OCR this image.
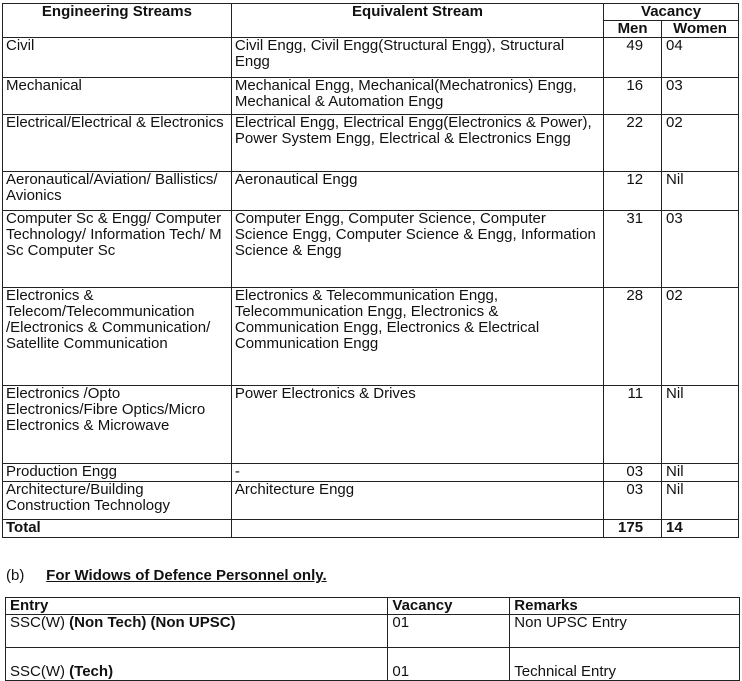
Engineering Streams	Equivalent Stream	Vacancy	
		Men	Women
Civil	Civil Engg, Civil Engg(Structural Engg), Structural Engg	49	04
Mechanical	Mechanical Engg, Mechanical(Mechatronics) Engg, Mechanical & Automation Engg	16	03
Electrical/Electrical & Electronics	Electrical Engg, Electrical Engg(Electronics & Power), Power System Engg, Electrical & Electronics Engg	22	02
Aeronautical/Aviation/ Ballistics/ Avionics	Aeronautical Engg	12	Nil
Computer Sc & Engg/ Computer Technology/ Information Tech/ M Sc Computer Sc	Computer Engg, Computer Science, Computer Science Engg, Computer Science & Engg, Information Science & Engg	31	03
Electronics & Telecom/Telecommunication /Electronics & Communication/ Satellite Communication	Electronics & Telecommunication Engg, Telecommunication Engg, Electronics & Communication Engg, Electronics & Electrical Communication Engg	28	02
Electronics /Opto Electronics/Fibre Optics/Micro Electronics & Microwave	Power Electronics & Drives	11	Nil
Production Engg	-	03	Nil
Architecture/Building Construction Technology	Architecture Engg	03	Nil
Total		175	14
(b) For Widows of Defence Personnel only.
Entry	Vacancy	Remarks
SSC(W) (Non Tech) (Non UPSC)	01	Non UPSC Entry
SSC(W) (Tech)	01	Technical Entry
